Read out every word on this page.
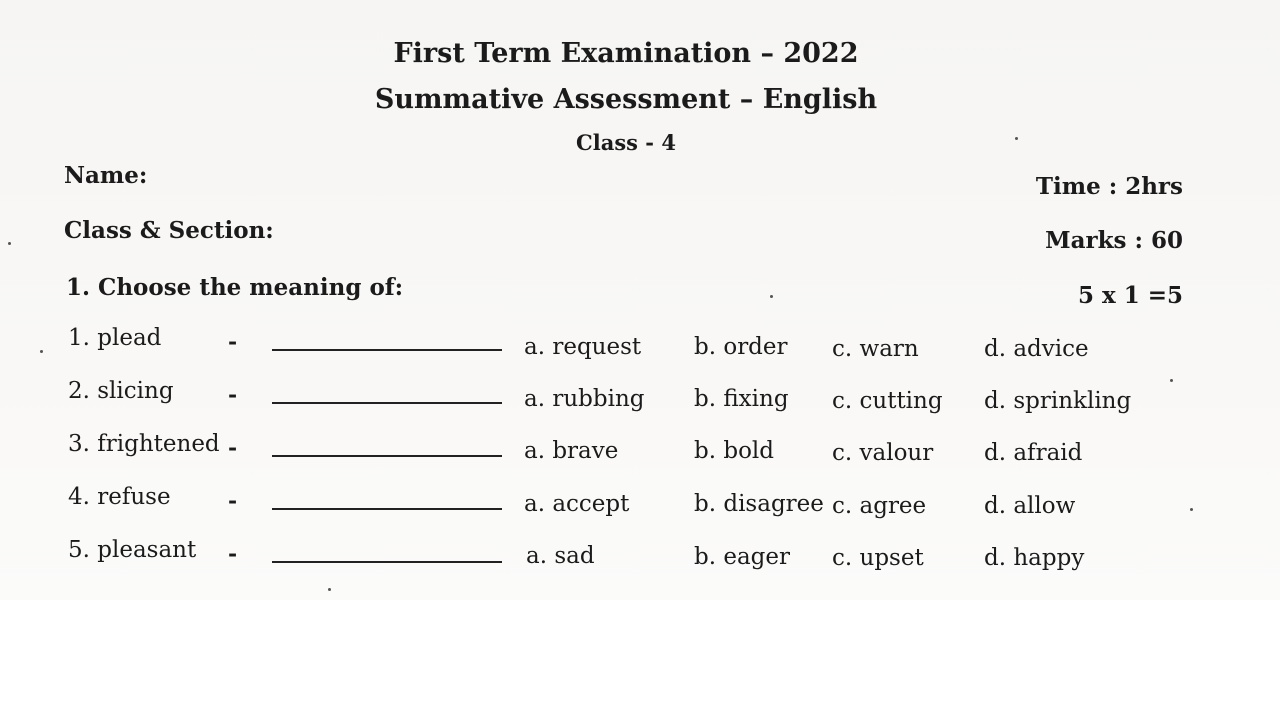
First Term Examination – 2022
Summative Assessment – English
Class - 4
Name:	Time : 2hrs
Class & Section:	Marks : 60
1. Choose the meaning of:	5 x 1 =5
1. plead	-	a. request b. order c. warn	d. advice
2. slicing -	a. rubbing b. fixing c. cutting d. sprinkling
3. frightened -	a. brave	b. bold	c. valour d. afraid
4. refuse	-	a. accept	b. disagree c. agree	d. allow
5. pleasant -	a. sad	b. eager c. upset	d. happy
